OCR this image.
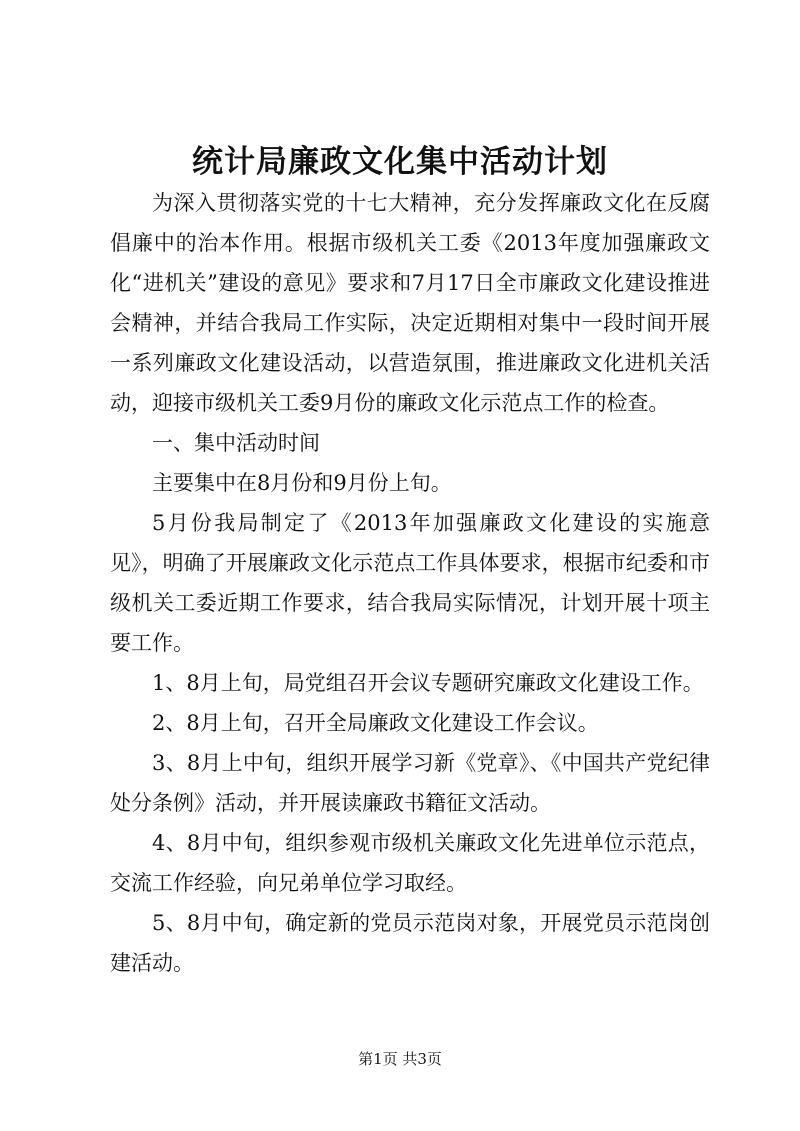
统计局廉政文化集中活动计划

为深入贯彻落实党的十七大精神，充分发挥廉政文化在反腐倡廉中的治本作用。根据市级机关工委《2013年度加强廉政文化“进机关”建设的意见》要求和7月17日全市廉政文化建设推进会精神，并结合我局工作实际，决定近期相对集中一段时间开展一系列廉政文化建设活动，以营造氛围，推进廉政文化进机关活动，迎接市级机关工委9月份的廉政文化示范点工作的检查。

一、集中活动时间

主要集中在8月份和9月份上旬。

5月份我局制定了《2013年加强廉政文化建设的实施意见》，明确了开展廉政文化示范点工作具体要求，根据市纪委和市级机关工委近期工作要求，结合我局实际情况，计划开展十项主要工作。

1、8月上旬，局党组召开会议专题研究廉政文化建设工作。

2、8月上旬，召开全局廉政文化建设工作会议。

3、8月上中旬，组织开展学习新《党章》、《中国共产党纪律处分条例》活动，并开展读廉政书籍征文活动。

4、8月中旬，组织参观市级机关廉政文化先进单位示范点，交流工作经验，向兄弟单位学习取经。

5、8月中旬，确定新的党员示范岗对象，开展党员示范岗创建活动。

第1页 共3页
